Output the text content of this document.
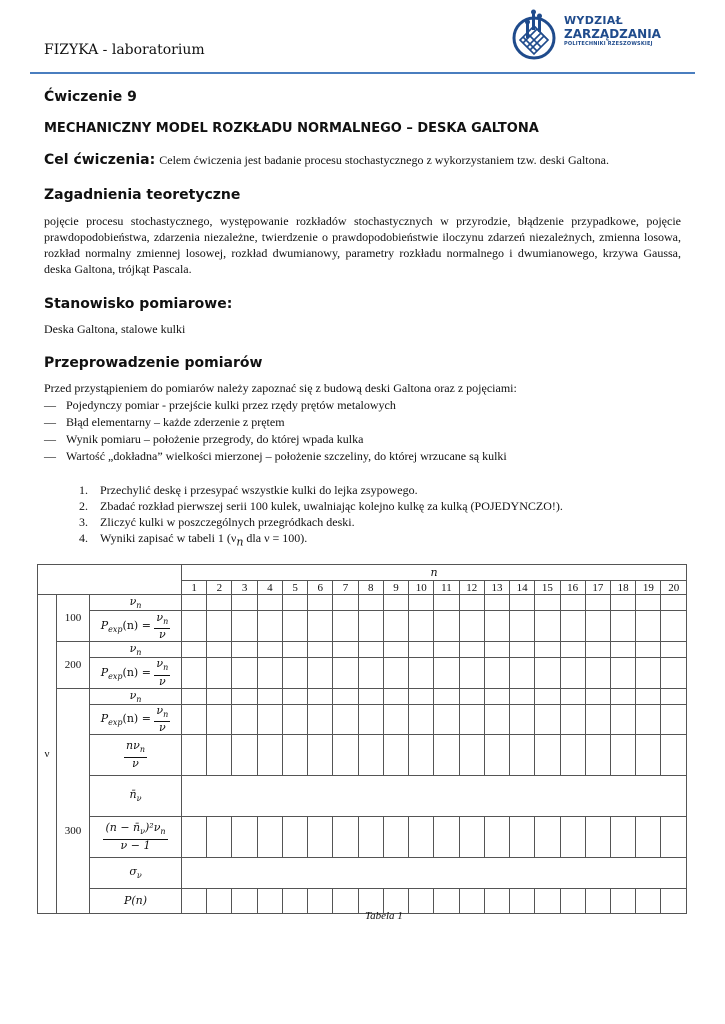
FIZYKA - laboratorium
WYDZIAŁ
ZARZĄDZANIA
POLITECHNIKI RZESZOWSKIEJ
Ćwiczenie 9
MECHANICZNY MODEL ROZKŁADU NORMALNEGO – DESKA GALTONA
Cel ćwiczenia: Celem ćwiczenia jest badanie procesu stochastycznego z wykorzystaniem tzw. deski Galtona.
Zagadnienia teoretyczne
pojęcie procesu stochastycznego, występowanie rozkładów stochastycznych w przyrodzie, błądzenie przypadkowe, pojęcie prawdopodobieństwa, zdarzenia niezależne, twierdzenie o prawdopodobieństwie iloczynu zdarzeń niezależnych, zmienna losowa, rozkład normalny zmiennej losowej, rozkład dwumianowy, parametry rozkładu normalnego i dwumianowego, krzywa Gaussa, deska Galtona, trójkąt Pascala.
Stanowisko pomiarowe:
Deska Galtona, stalowe kulki
Przeprowadzenie pomiarów
Przed przystąpieniem do pomiarów należy zapoznać się z budową deski Galtona oraz z pojęciami:
— Pojedynczy pomiar - przejście kulki przez rzędy prętów metalowych
— Błąd elementarny – każde zderzenie z prętem
— Wynik pomiaru – położenie przegrody, do której wpada kulka
— Wartość „dokładna” wielkości mierzonej – położenie szczeliny, do której wrzucane są kulki
1. Przechylić deskę i przesypać wszystkie kulki do lejka zsypowego.
2. Zbadać rozkład pierwszej serii 100 kulek, uwalniając kolejno kulkę za kulką (POJEDYNCZO!).
3. Zliczyć kulki w poszczególnych przegródkach deski.
4. Wyniki zapisać w tabeli 1 ($\nu_n$ dla ν = 100).
			n																			
			1	2	3	4	5	6	7	8	9	10	11	12	13	14	15	16	17	18	19	20
ν	100	$\nu_n$																				
		$P_{exp}(n) = \frac{\nu_n}{\nu}$

	200	$\nu_n$																				
		$P_{exp}(n) = \frac{\nu_n}{\nu}$

	300	$\nu_n$																				
		$P_{exp}(n) = \frac{\nu_n}{\nu}$

		$\frac{n\nu_n}{\nu}$

		$n̄_\nu$	

		$\frac{(n - n̄_\nu)^2\nu_n}{\nu - 1}$

		$\sigma_\nu$	
		P(n)																				
Tabela 1
